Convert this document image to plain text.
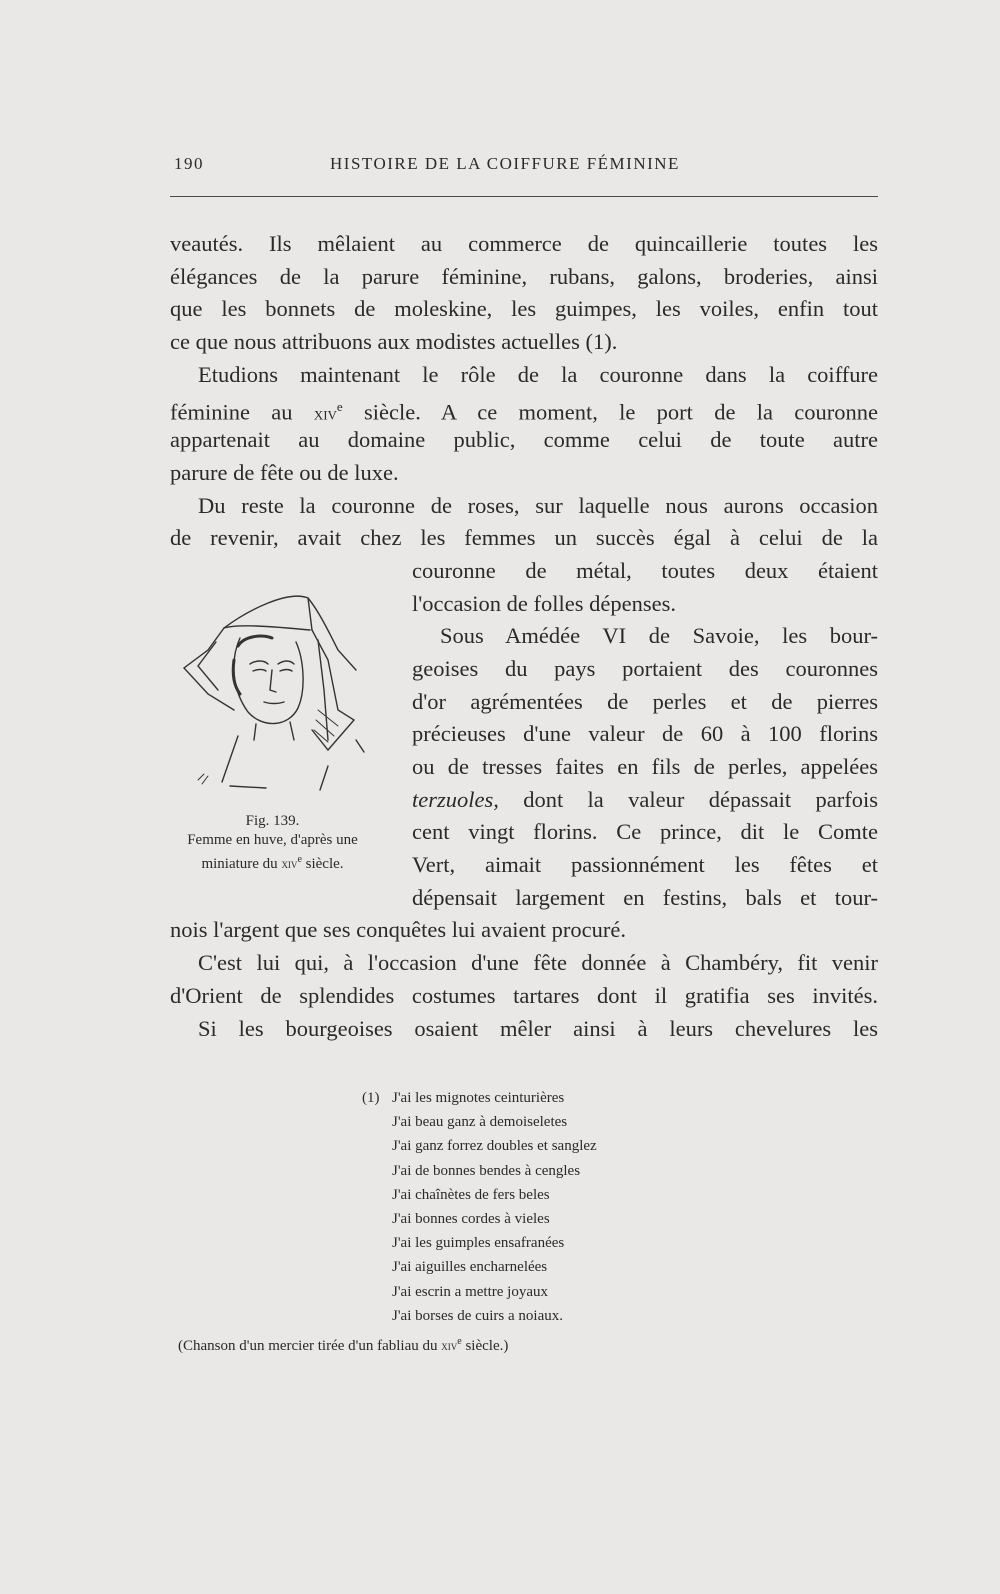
190	HISTOIRE DE LA COIFFURE FÉMININE
veautés. Ils mêlaient au commerce de quincaillerie toutes les
élégances de la parure féminine, rubans, galons, broderies, ainsi
que les bonnets de moleskine, les guimpes, les voiles, enfin tout
ce que nous attribuons aux modistes actuelles (1).
Etudions maintenant le rôle de la couronne dans la coiffure
féminine au xiv$^e$ siècle. A ce moment, le port de la couronne
appartenait au domaine public, comme celui de toute autre
parure de fête ou de luxe.
Du reste la couronne de roses, sur laquelle nous aurons occasion
de revenir, avait chez les femmes un succès égal à celui de la
couronne de métal, toutes deux étaient
l'occasion de folles dépenses.
Sous Amédée VI de Savoie, les bour-
geoises du pays portaient des couronnes
d'or agrémentées de perles et de pierres
précieuses d'une valeur de 60 à 100 florins
ou de tresses faites en fils de perles, appelées
terzuoles, dont la valeur dépassait parfois
cent vingt florins. Ce prince, dit le Comte
Vert, aimait passionnément les fêtes et
dépensait largement en festins, bals et tour-
nois l'argent que ses conquêtes lui avaient procuré.
C'est lui qui, à l'occasion d'une fête donnée à Chambéry, fit venir
d'Orient de splendides costumes tartares dont il gratifia ses invités.
Si les bourgeoises osaient mêler ainsi à leurs chevelures les
Fig. 139.
Femme en huve, d'après une
miniature du xiv$^e$ siècle.
(1) J'ai les mignotes ceinturières
J'ai beau ganz à demoiseletes
J'ai ganz forrez doubles et sanglez
J'ai de bonnes bendes à cengles
J'ai chaînètes de fers beles
J'ai bonnes cordes à vieles
J'ai les guimples ensafranées
J'ai aiguilles encharnelées
J'ai escrin a mettre joyaux
J'ai borses de cuirs a noiaux.
(Chanson d'un mercier tirée d'un fabliau du xiv$^e$ siècle.)
